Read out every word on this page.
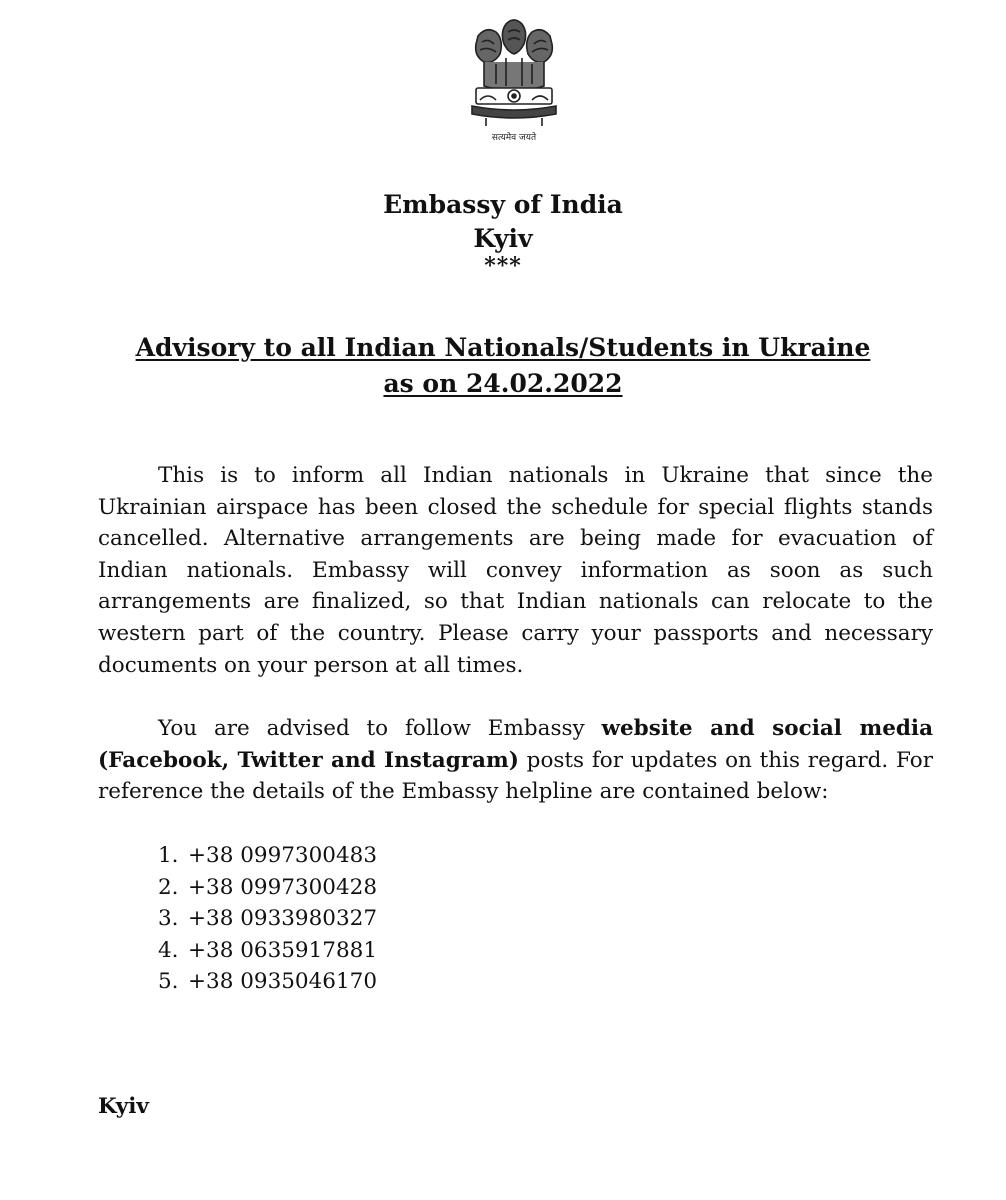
सत्यमेव जयते
Embassy of India
Kyiv
***
Advisory to all Indian Nationals/Students in Ukraine
as on 24.02.2022

This is to inform all Indian nationals in Ukraine that since the Ukrainian airspace has been closed the schedule for special flights stands cancelled. Alternative arrangements are being made for evacuation of Indian nationals. Embassy will convey information as soon as such arrangements are finalized, so that Indian nationals can relocate to the western part of the country. Please carry your passports and necessary documents on your person at all times.

You are advised to follow Embassy website and social media (Facebook, Twitter and Instagram) posts for updates on this regard. For reference the details of the Embassy helpline are contained below:

1. +38 0997300483
2. +38 0997300428
3. +38 0933980327
4. +38 0635917881
5. +38 0935046170
Kyiv
